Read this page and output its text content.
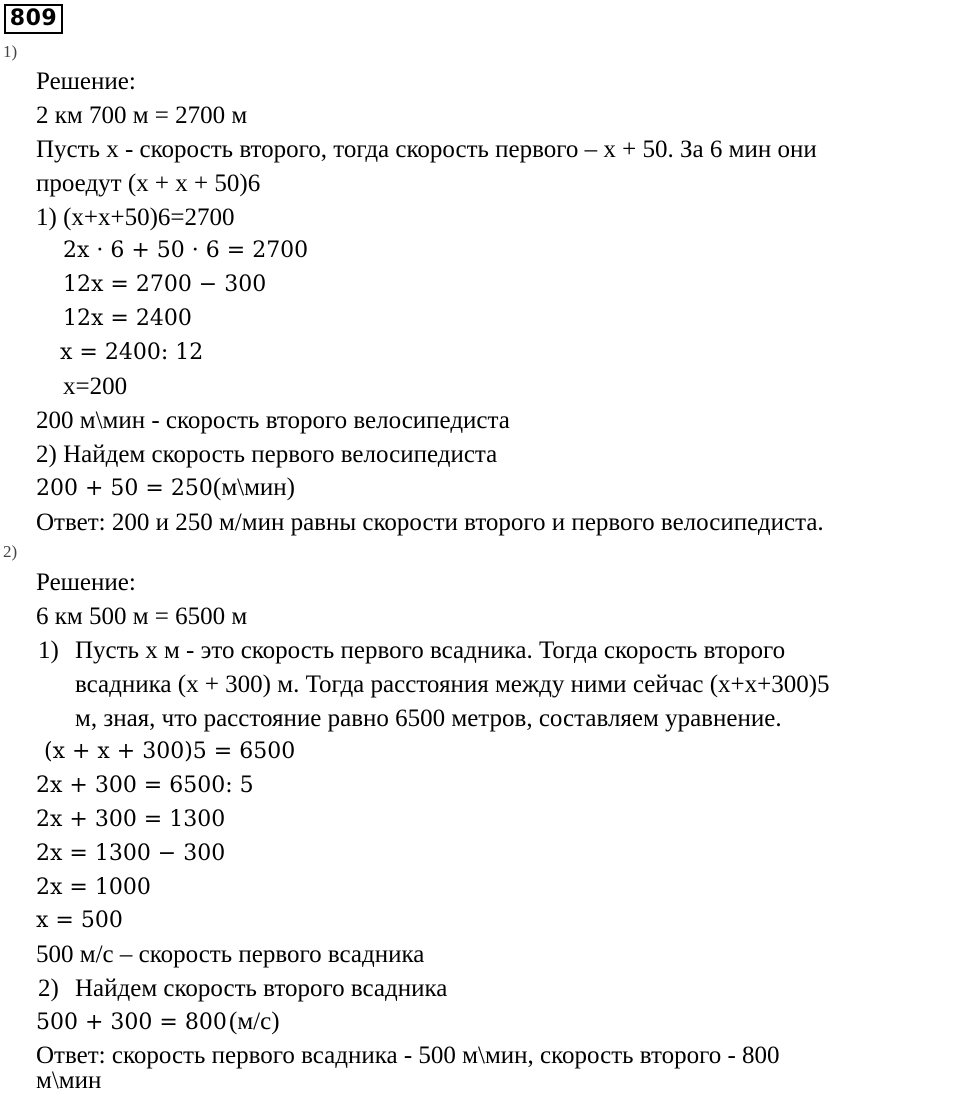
809
1)
Решение:
2 км 700 м = 2700 м
Пусть х - скорость второго, тогда скорость первого – х + 50. За 6 мин они
проедут (x + x + 50)6
1) (х+х+50)6=2700
2x · 6 + 50 · 6 = 2700
12x = 2700 − 300
12x = 2400
x = 2400: 12
х=200
200 м\мин - скорость второго велосипедиста
2) Найдем скорость первого велосипедиста
200 + 50 = 250 (м\мин)
Ответ: 200 и 250 м/мин равны скорости второго и первого велосипедиста.
2)
Решение:
6 км 500 м = 6500 м
1) Пусть х м - это скорость первого всадника. Тогда скорость второго
всадника (x + 300) м. Тогда расстояния между ними сейчас (х+х+300)5
м, зная, что расстояние равно 6500 метров, составляем уравнение.
(x + x + 300)5 = 6500
2x + 300 = 6500: 5
2x + 300 = 1300
2x = 1300 − 300
2x = 1000
x = 500
500 м/с – скорость первого всадника
2) Найдем скорость второго всадника
500 + 300 = 800 (м/с)
Ответ: скорость первого всадника - 500 м\мин, скорость второго - 800
м\мин
